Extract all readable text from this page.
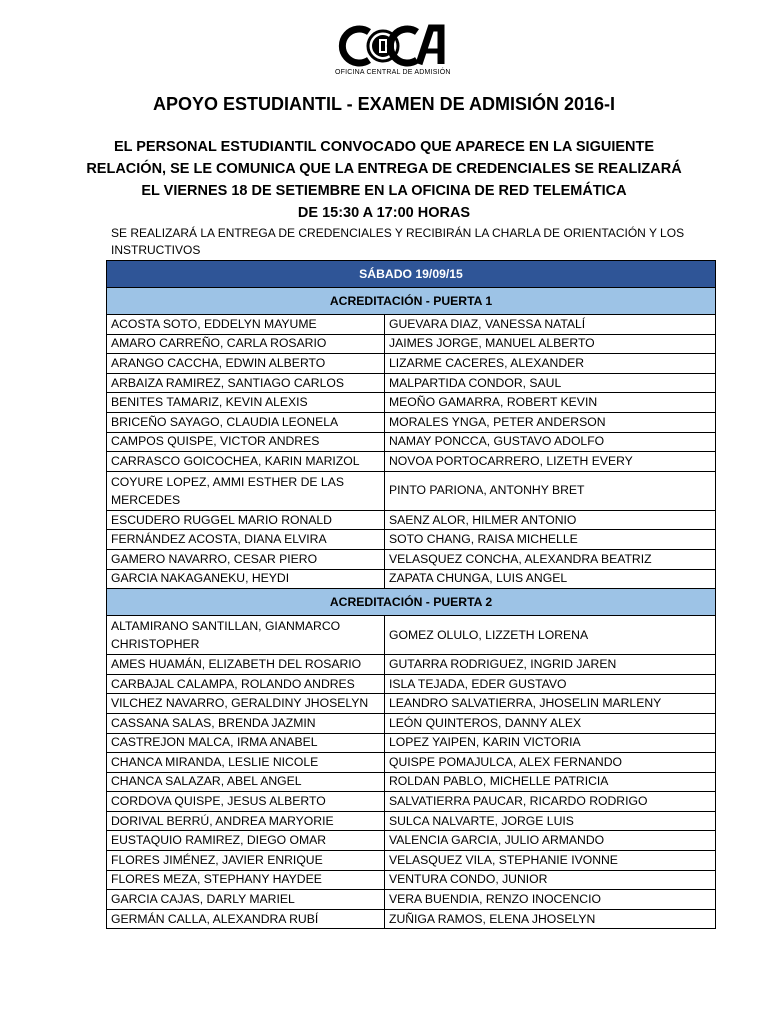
OFICINA CENTRAL DE ADMISIÓN
APOYO ESTUDIANTIL - EXAMEN DE ADMISIÓN 2016-I
EL PERSONAL ESTUDIANTIL CONVOCADO QUE APARECE EN LA SIGUIENTE
RELACIÓN, SE LE COMUNICA QUE LA ENTREGA DE CREDENCIALES SE REALIZARÁ
EL VIERNES 18 DE SETIEMBRE EN LA OFICINA DE RED TELEMÁTICA
DE 15:30 A 17:00 HORAS
SE REALIZARÁ LA ENTREGA DE CREDENCIALES Y RECIBIRÁN LA CHARLA DE ORIENTACIÓN Y LOS INSTRUCTIVOS
SÁBADO 19/09/15	
ACREDITACIÓN - PUERTA 1	
ACOSTA SOTO, EDDELYN MAYUME	GUEVARA DIAZ, VANESSA NATALÍ
AMARO CARREÑO, CARLA ROSARIO	JAIMES JORGE, MANUEL ALBERTO
ARANGO CACCHA, EDWIN ALBERTO	LIZARME CACERES, ALEXANDER
ARBAIZA RAMIREZ, SANTIAGO CARLOS	MALPARTIDA CONDOR, SAUL
BENITES TAMARIZ, KEVIN ALEXIS	MEOÑO GAMARRA, ROBERT KEVIN
BRICEÑO SAYAGO, CLAUDIA LEONELA	MORALES YNGA, PETER ANDERSON
CAMPOS QUISPE, VICTOR ANDRES	NAMAY PONCCA, GUSTAVO ADOLFO
CARRASCO GOICOCHEA, KARIN MARIZOL	NOVOA PORTOCARRERO, LIZETH EVERY
COYURE LOPEZ, AMMI ESTHER DE LAS MERCEDES	PINTO PARIONA, ANTONHY BRET
ESCUDERO RUGGEL MARIO RONALD	SAENZ ALOR, HILMER ANTONIO
FERNÁNDEZ ACOSTA, DIANA ELVIRA	SOTO CHANG, RAISA MICHELLE
GAMERO NAVARRO, CESAR PIERO	VELASQUEZ CONCHA, ALEXANDRA BEATRIZ
GARCIA NAKAGANEKU, HEYDI	ZAPATA CHUNGA, LUIS ANGEL
ACREDITACIÓN - PUERTA 2	
ALTAMIRANO SANTILLAN, GIANMARCO CHRISTOPHER	GOMEZ OLULO, LIZZETH LORENA
AMES HUAMÁN, ELIZABETH DEL ROSARIO	GUTARRA RODRIGUEZ, INGRID JAREN
CARBAJAL CALAMPA, ROLANDO ANDRES	ISLA TEJADA, EDER GUSTAVO
VILCHEZ NAVARRO, GERALDINY JHOSELYN	LEANDRO SALVATIERRA, JHOSELIN MARLENY
CASSANA SALAS, BRENDA JAZMIN	LEÓN QUINTEROS, DANNY ALEX
CASTREJON MALCA, IRMA ANABEL	LOPEZ YAIPEN, KARIN VICTORIA
CHANCA MIRANDA, LESLIE NICOLE	QUISPE POMAJULCA, ALEX FERNANDO
CHANCA SALAZAR, ABEL ANGEL	ROLDAN PABLO, MICHELLE PATRICIA
CORDOVA QUISPE, JESUS ALBERTO	SALVATIERRA PAUCAR, RICARDO RODRIGO
DORIVAL BERRÚ, ANDREA MARYORIE	SULCA NALVARTE, JORGE LUIS
EUSTAQUIO RAMIREZ, DIEGO OMAR	VALENCIA GARCIA, JULIO ARMANDO
FLORES JIMÉNEZ, JAVIER ENRIQUE	VELASQUEZ VILA, STEPHANIE IVONNE
FLORES MEZA, STEPHANY HAYDEE	VENTURA CONDO, JUNIOR
GARCIA CAJAS, DARLY MARIEL	VERA BUENDIA, RENZO INOCENCIO
GERMÁN CALLA, ALEXANDRA RUBÍ	ZUÑIGA RAMOS, ELENA JHOSELYN
